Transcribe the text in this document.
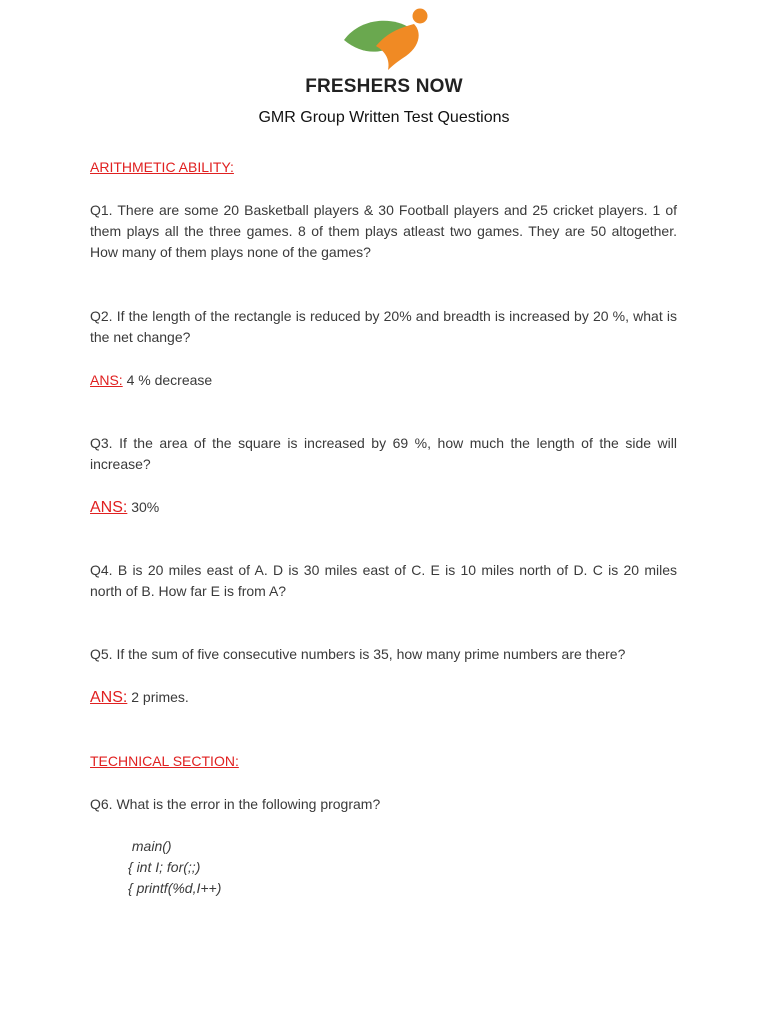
FRESHERS NOW
GMR Group Written Test Questions
ARITHMETIC ABILITY:

Q1. There are some 20 Basketball players & 30 Football players and 25 cricket players. 1 of them plays all the three games. 8 of them plays atleast two games. They are 50 altogether. How many of them plays none of the games?

Q2. If the length of the rectangle is reduced by 20% and breadth is increased by 20 %, what is the net change?

ANS: 4 % decrease

Q3. If the area of the square is increased by 69 %, how much the length of the side will increase?

ANS: 30%

Q4. B is 20 miles east of A. D is 30 miles east of C. E is 10 miles north of D. C is 20 miles north of B. How far E is from A?

Q5. If the sum of five consecutive numbers is 35, how many prime numbers are there?

ANS: 2 primes.

TECHNICAL SECTION:

Q6. What is the error in the following program?

main()

{ int I; for(;;)

{ printf(%d,I++)
